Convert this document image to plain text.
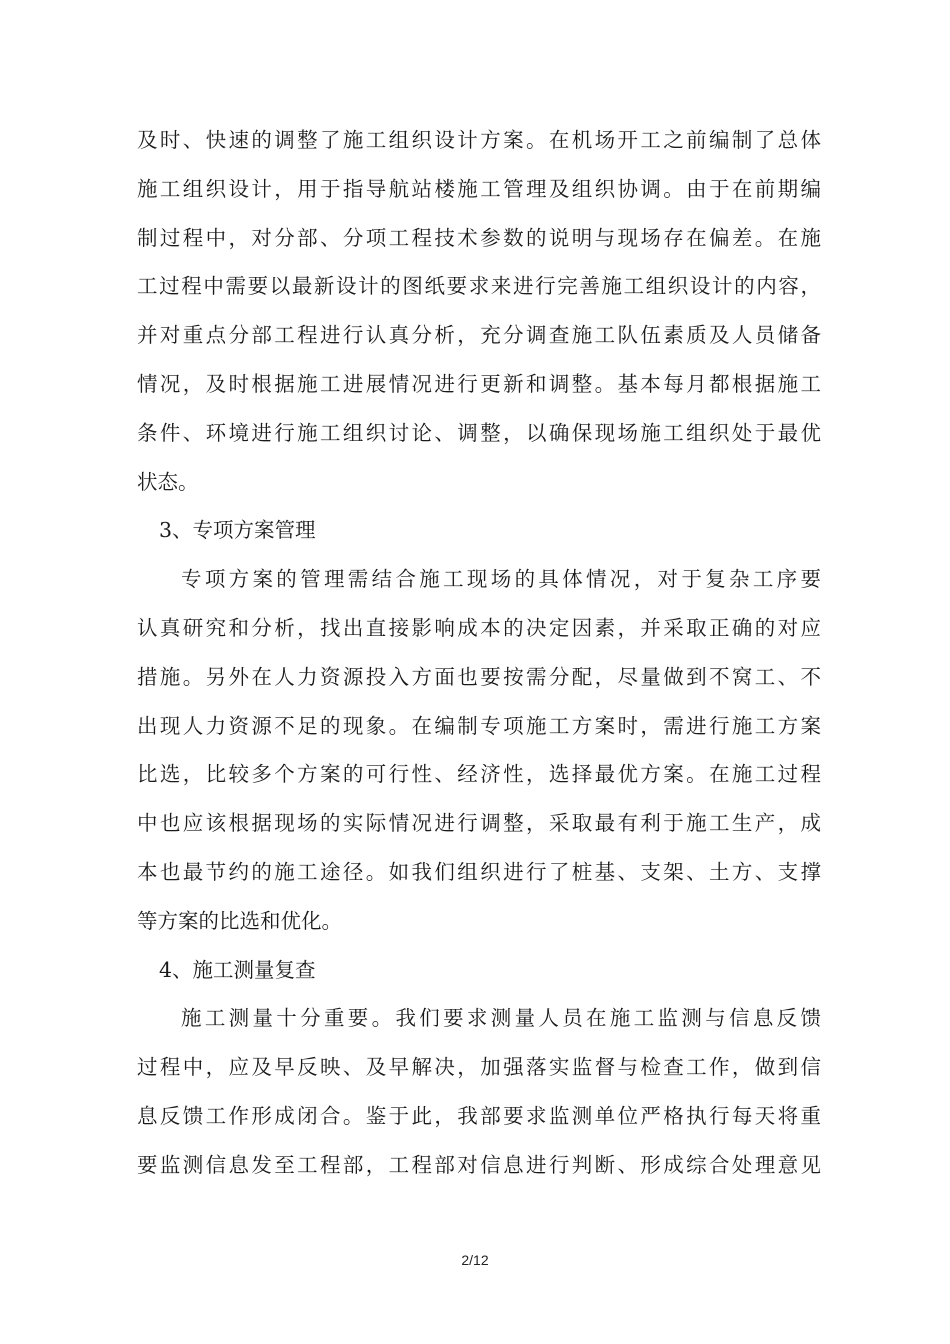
及时、快速的调整了施工组织设计方案。在机场开工之前编制了总体
施工组织设计，用于指导航站楼施工管理及组织协调。由于在前期编
制过程中，对分部、分项工程技术参数的说明与现场存在偏差。在施
工过程中需要以最新设计的图纸要求来进行完善施工组织设计的内容，
并对重点分部工程进行认真分析，充分调查施工队伍素质及人员储备
情况，及时根据施工进展情况进行更新和调整。基本每月都根据施工
条件、环境进行施工组织讨论、调整，以确保现场施工组织处于最优
状态。
3、专项方案管理
专项方案的管理需结合施工现场的具体情况，对于复杂工序要
认真研究和分析，找出直接影响成本的决定因素，并采取正确的对应
措施。另外在人力资源投入方面也要按需分配，尽量做到不窝工、不
出现人力资源不足的现象。在编制专项施工方案时，需进行施工方案
比选，比较多个方案的可行性、经济性，选择最优方案。在施工过程
中也应该根据现场的实际情况进行调整，采取最有利于施工生产，成
本也最节约的施工途径。如我们组织进行了桩基、支架、土方、支撑
等方案的比选和优化。
4、施工测量复查
施工测量十分重要。我们要求测量人员在施工监测与信息反馈
过程中，应及早反映、及早解决，加强落实监督与检查工作，做到信
息反馈工作形成闭合。鉴于此，我部要求监测单位严格执行每天将重
要监测信息发至工程部，工程部对信息进行判断、形成综合处理意见
2/12
